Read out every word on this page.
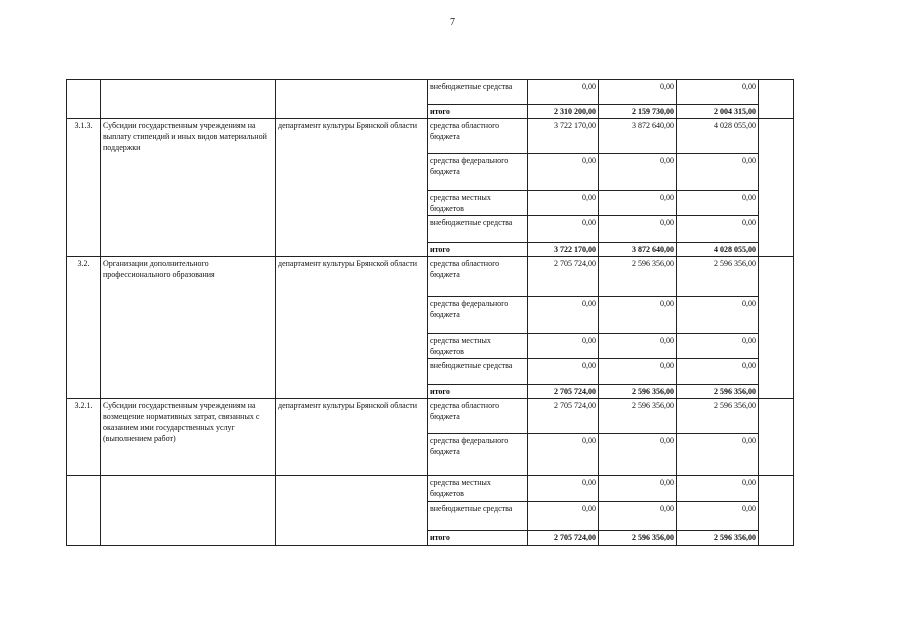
7
			внебюджетные средства	0,00	0,00	0,00	
			итого	2 310 200,00	2 159 730,00	2 004 315,00	
3.1.3.	Субсидии государственным учреждениям на выплату стипендий и иных видов материальной поддержки	департамент культуры Брянской области	средства областного бюджета	3 722 170,00	3 872 640,00	4 028 055,00	
			средства федерального бюджета	0,00	0,00	0,00	
			средства местных бюджетов	0,00	0,00	0,00	
			внебюджетные средства	0,00	0,00	0,00	
			итого	3 722 170,00	3 872 640,00	4 028 055,00	
3.2.	Организации дополнительного профессионального образования	департамент культуры Брянской области	средства областного бюджета	2 705 724,00	2 596 356,00	2 596 356,00	
			средства федерального бюджета	0,00	0,00	0,00	
			средства местных бюджетов	0,00	0,00	0,00	
			внебюджетные средства	0,00	0,00	0,00	
			итого	2 705 724,00	2 596 356,00	2 596 356,00	
3.2.1.	Субсидии государственным учреждениям на возмещение нормативных затрат, связанных с оказанием ими государственных услуг (выполнением работ)	департамент культуры Брянской области	средства областного бюджета	2 705 724,00	2 596 356,00	2 596 356,00	
			средства федерального бюджета	0,00	0,00	0,00	
			средства местных бюджетов	0,00	0,00	0,00	
			внебюджетные средства	0,00	0,00	0,00	
			итого	2 705 724,00	2 596 356,00	2 596 356,00	
